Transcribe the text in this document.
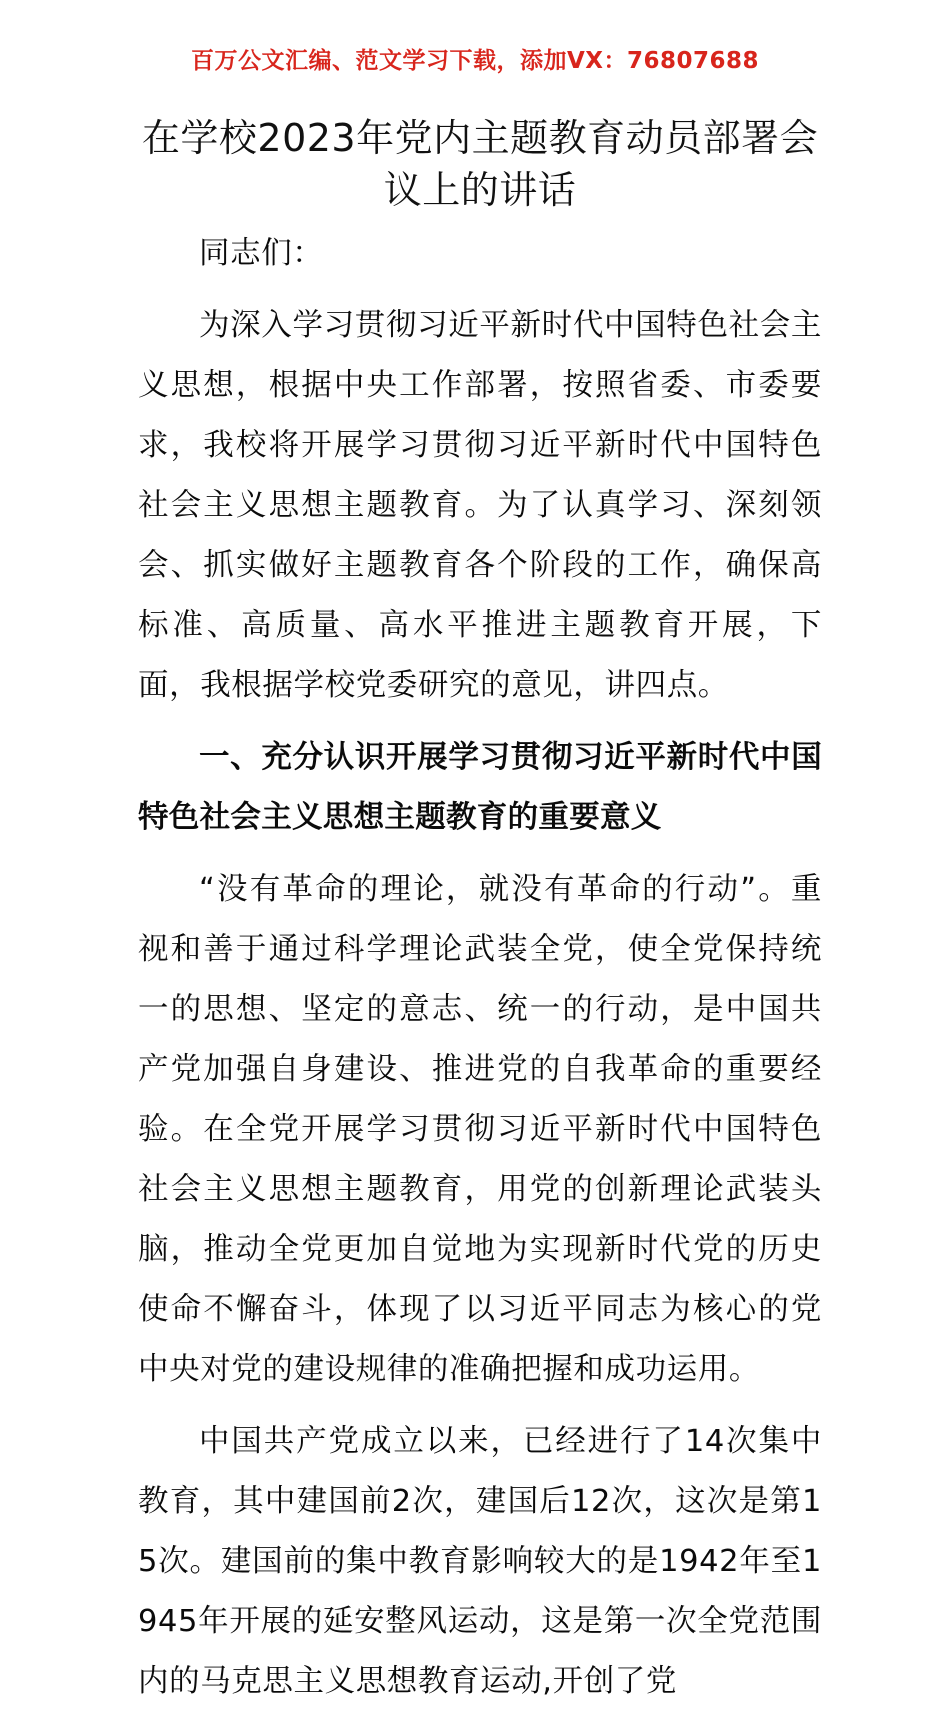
百万公文汇编、范文学习下载，添加VX：76807688
在学校2023年党内主题教育动员部署会议上的讲话

同志们：

为深入学习贯彻习近平新时代中国特色社会主义思想，根据中央工作部署，按照省委、市委要求，我校将开展学习贯彻习近平新时代中国特色社会主义思想主题教育。为了认真学习、深刻领会、抓实做好主题教育各个阶段的工作，确保高标准、高质量、高水平推进主题教育开展，下面，我根据学校党委研究的意见，讲四点。

一、充分认识开展学习贯彻习近平新时代中国特色社会主义思想主题教育的重要意义

“没有革命的理论，就没有革命的行动”。重视和善于通过科学理论武装全党，使全党保持统一的思想、坚定的意志、统一的行动，是中国共产党加强自身建设、推进党的自我革命的重要经验。在全党开展学习贯彻习近平新时代中国特色社会主义思想主题教育，用党的创新理论武装头脑，推动全党更加自觉地为实现新时代党的历史使命不懈奋斗，体现了以习近平同志为核心的党中央对党的建设规律的准确把握和成功运用。

中国共产党成立以来，已经进行了14次集中教育，其中建国前2次，建国后12次，这次是第15次。建国前的集中教育影响较大的是1942年至1945年开展的延安整风运动，这是第一次全党范围内的马克思主义思想教育运动,开创了党
